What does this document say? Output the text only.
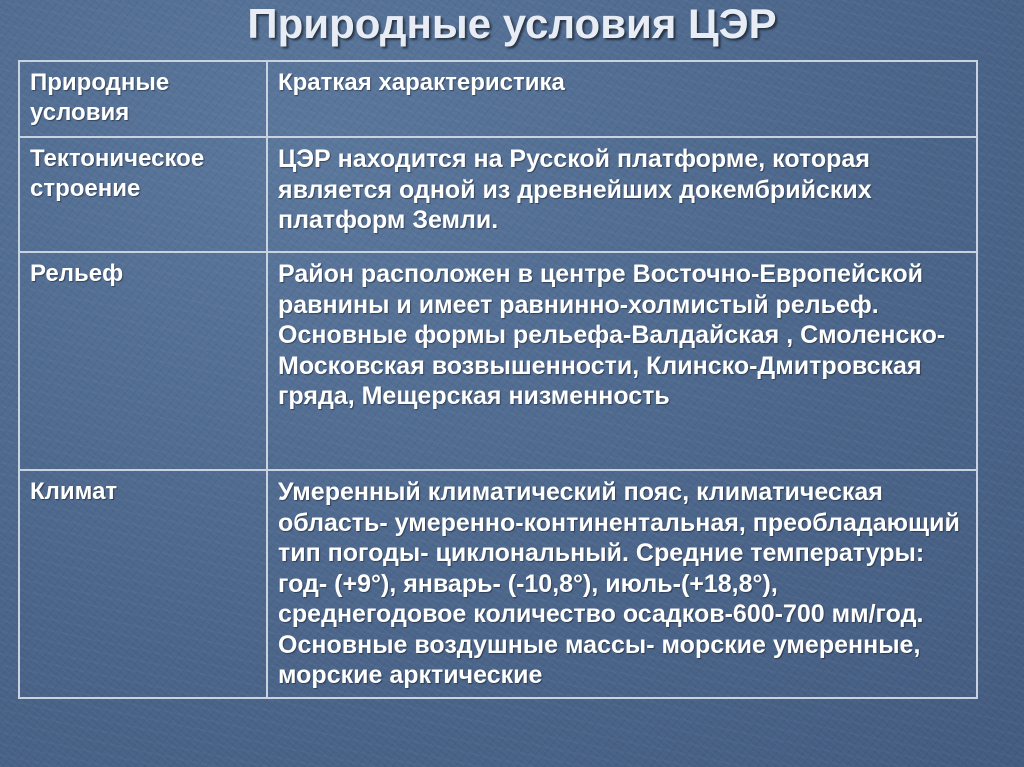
Природные условия ЦЭР
Природные условия	Краткая характеристика
Тектоническое строение	ЦЭР находится на Русской платформе, которая является одной из древнейших докембрийских платформ Земли.
Рельеф	Район расположен в центре Восточно-Европейской равнины и имеет равнинно-холмистый рельеф. Основные формы рельефа-Валдайская , Смоленско-Московская возвышенности, Клинско-Дмитровская гряда, Мещерская низменность
Климат	Умеренный климатический пояс, климатическая область- умеренно-континентальная, преобладающий тип погоды- циклональный. Средние температуры: год- (+9°), январь- (-10,8°), июль-(+18,8°), среднегодовое количество осадков-600-700 мм/год. Основные воздушные массы- морские умеренные, морские арктические
